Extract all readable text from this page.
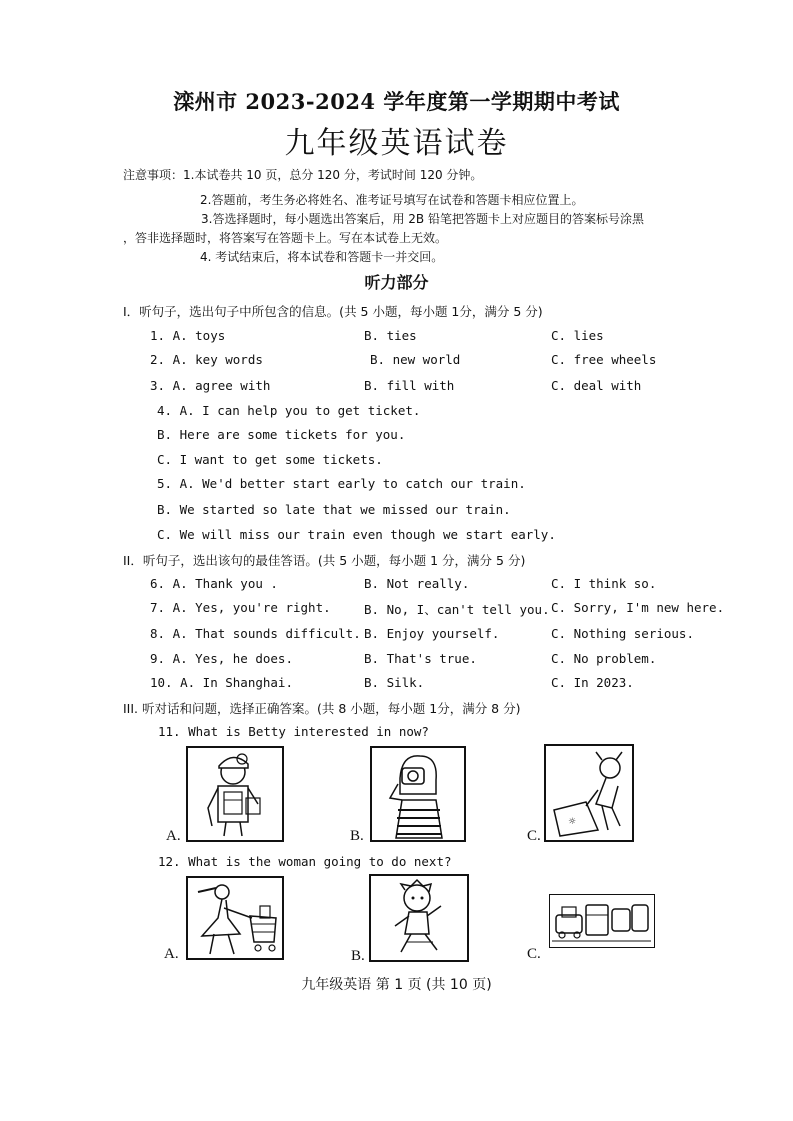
滦州市 2023-2024 学年度第一学期期中考试
九年级英语试卷
注意事项：1.本试卷共 10 页，总分 120 分，考试时间 120 分钟。
2.答题前，考生务必将姓名、准考证号填写在试卷和答题卡相应位置上。
3.答选择题时，每小题选出答案后，用 2B 铅笔把答题卡上对应题目的答案标号涂黑
，答非选择题时，将答案写在答题卡上。写在本试卷上无效。
4. 考试结束后，将本试卷和答题卡一并交回。
听力部分
I．听句子，选出句子中所包含的信息。(共 5 小题，每小题 1分，满分 5 分)
1. A. toys	B. ties	C. lies
2. A. key words	B. new world	C. free wheels
3. A. agree with	B. fill with	C. deal with
4. A. I can help you to get ticket.
B. Here are some tickets for you.
C. I want to get some tickets.
5. A. We'd better start early to catch our train.
B. We started so late that we missed our train.
C. We will miss our train even though we start early.
II．听句子，选出该句的最佳答语。(共 5 小题，每小题 1 分，满分 5 分)
6. A. Thank you .	B. Not really.	C. I think so.
7. A. Yes, you're right.	B. No, I、can't tell you. C. Sorry, I'm new here.
8. A. That sounds difficult. B. Enjoy yourself.	C. Nothing serious.
9. A. Yes, he does.	B. That's true.	C. No problem.
10. A. In Shanghai.	B. Silk.	C. In 2023.
III. 听对话和问题，选择正确答案。(共 8 小题，每小题 1分，满分 8 分)
11. What is Betty interested in now?
A.	B.
☼
C.
12. What is the woman going to do next?
A.	B.	C.
九年级英语 第 1 页 (共 10 页)
